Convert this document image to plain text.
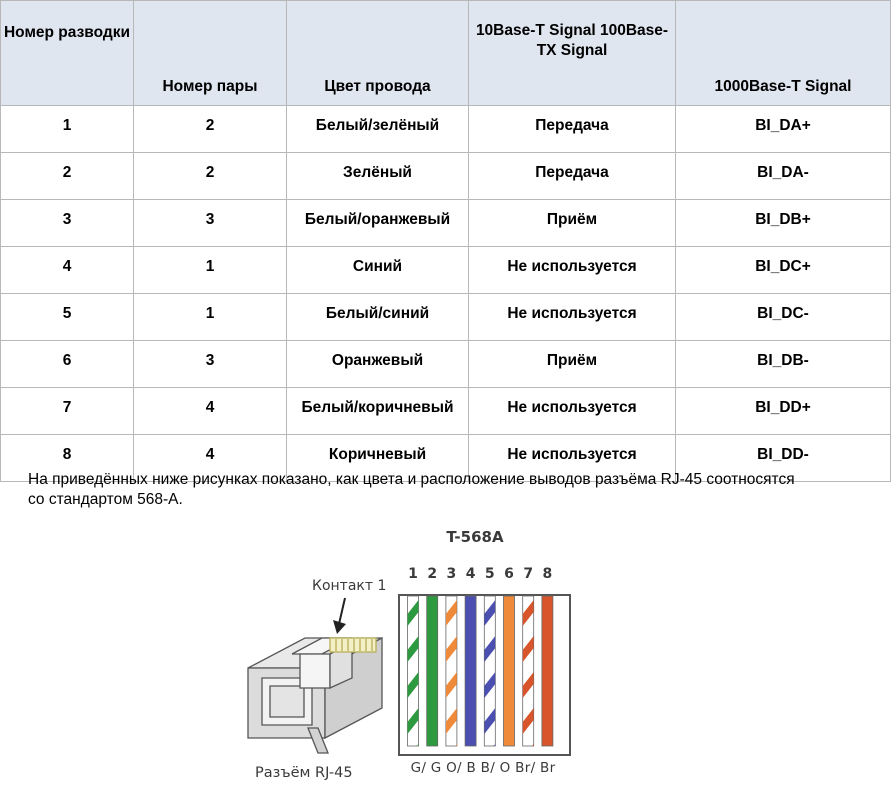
Номер разводки	Номер пары	Цвет провода	10Base-T Signal 100Base-TX Signal	1000Base-T Signal
1	2	Белый/зелёный	Передача	BI_DA+
2	2	Зелёный	Передача	BI_DA-
3	3	Белый/оранжевый	Приём	BI_DB+
4	1	Синий	Не используется	BI_DC+
5	1	Белый/синий	Не используется	BI_DC-
6	3	Оранжевый	Приём	BI_DB-
7	4	Белый/коричневый	Не используется	BI_DD+
8	4	Коричневый	Не используется	BI_DD-
На приведённых ниже рисунках показано, как цвета и расположение выводов разъёма RJ-45 соотносятся со стандартом 568-A.
T-568A
1 2 3 4 5 6 7 8
G/ G O/ B B/ O Br/ Br
Контакт 1
Разъём RJ-45
